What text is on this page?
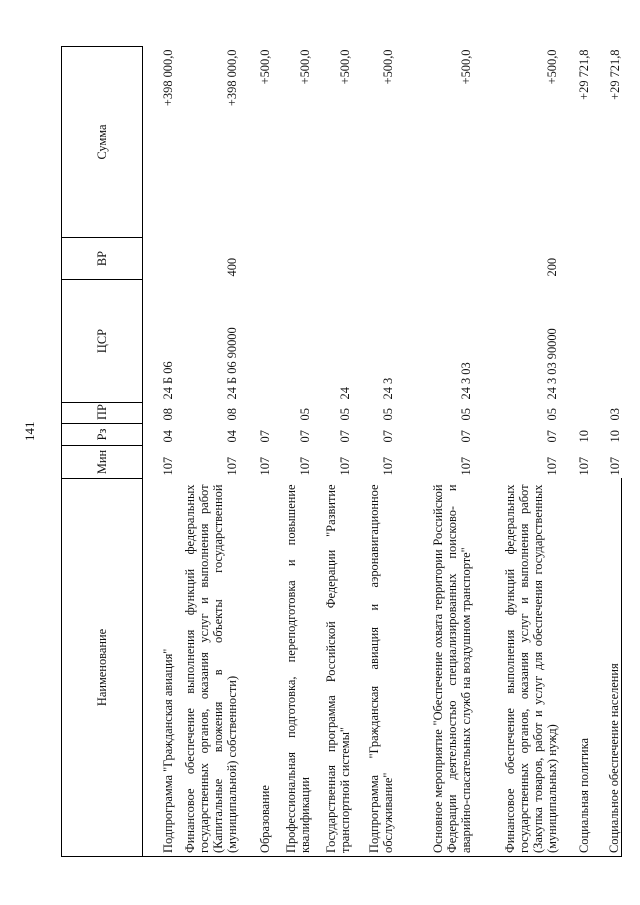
141
Наименование	Мин	Рз	ПР	ЦСР	ВР	Сумма
Подпрограмма "Гражданская авиация"	107	04	08	24 Б 06		+398 000,0
Финансовое обеспечение выполнения функций федеральных государственных органов, оказания услуг и выполнения работ (Капитальные вложения в объекты государственной (муниципальной) собственности)	107	04	08	24 Б 06 90000	400	+398 000,0
Образование	107	07				+500,0
Профессиональная подготовка, переподготовка и повышение квалификации	107	07	05			+500,0
Государственная программа Российской Федерации "Развитие транспортной системы"	107	07	05	24		+500,0
Подпрограмма "Гражданская авиация и аэронавигационное обслуживание"	107	07	05	24 3		+500,0
Основное мероприятие "Обеспечение охвата территории Российской Федерации деятельностью специализированных поисково- и аварийно-спасательных служб на воздушном транспорте"	107	07	05	24 3 03		+500,0
Финансовое обеспечение выполнения функций федеральных государственных органов, оказания услуг и выполнения работ (Закупка товаров, работ и услуг для обеспечения государственных (муниципальных) нужд)	107	07	05	24 3 03 90000	200	+500,0
Социальная политика	107	10				+29 721,8
Социальное обеспечение населения	107	10	03			+29 721,8
